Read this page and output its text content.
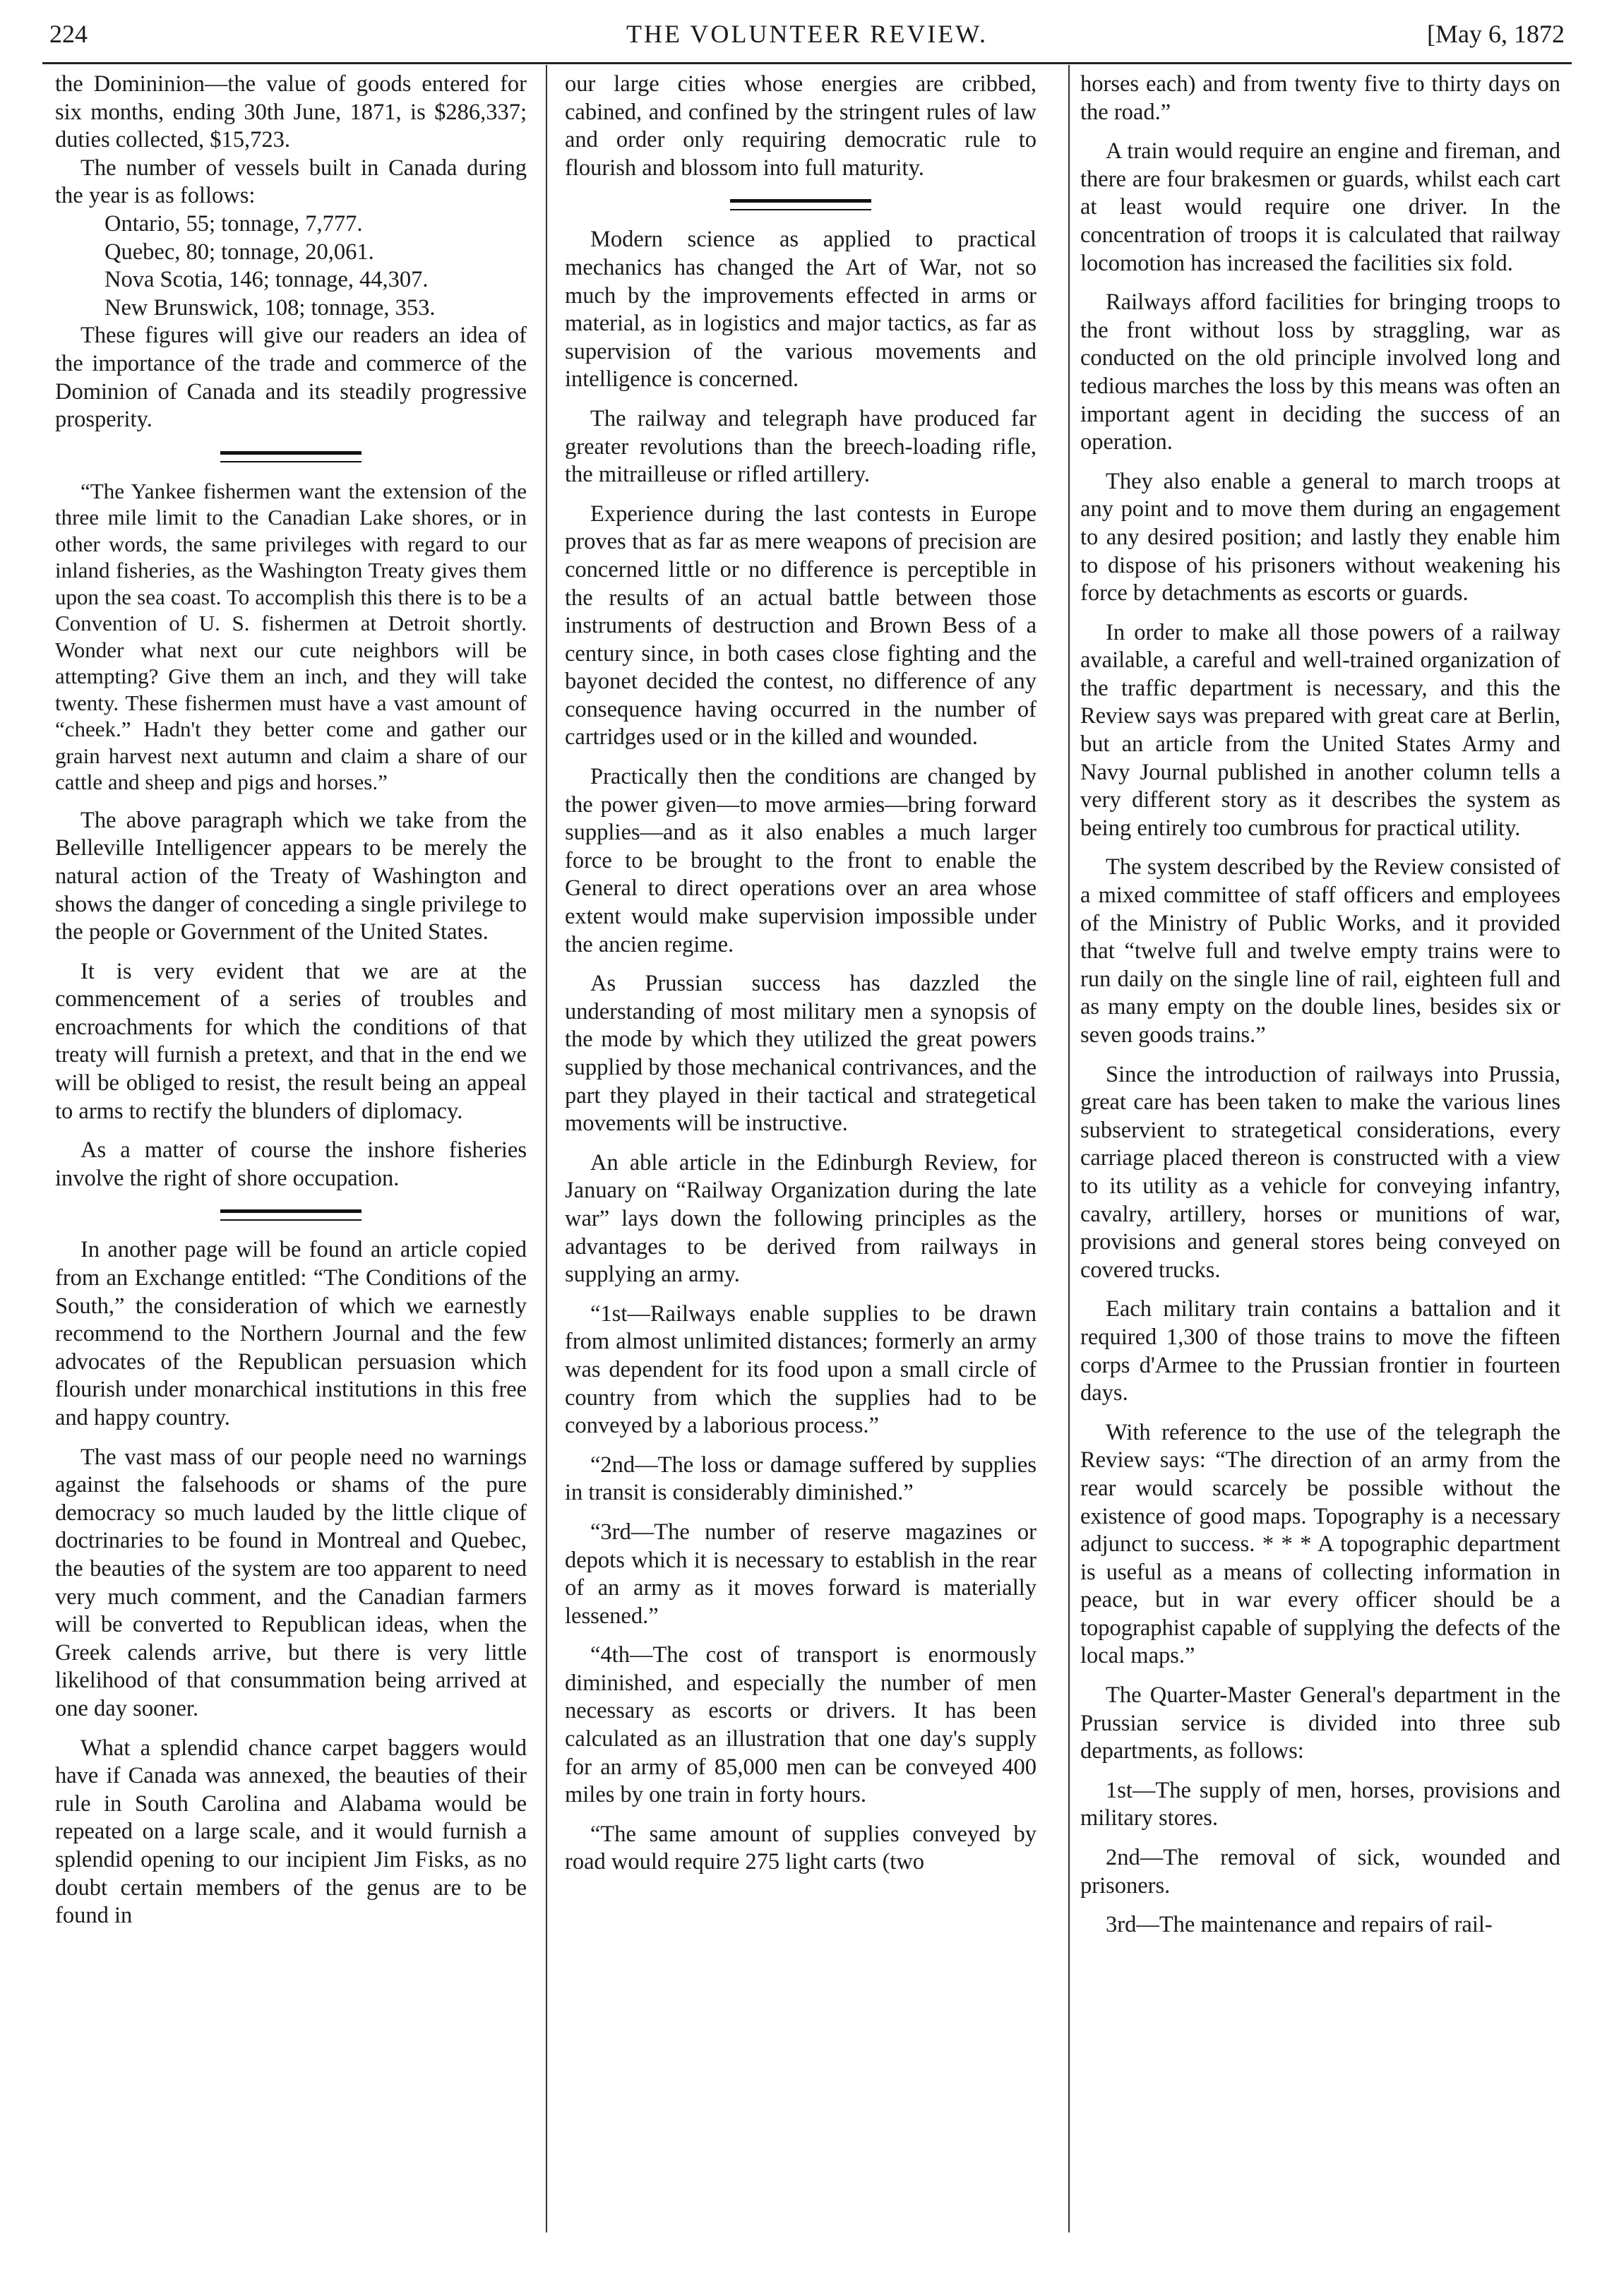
224	THE VOLUNTEER REVIEW.	[May 6, 1872

the Domininion—the value of goods entered for six months, ending 30th June, 1871, is $286,337; duties collected, $15,723.

The number of vessels built in Canada during the year is as follows:

Ontario, 55; tonnage, 7,777.

Quebec, 80; tonnage, 20,061.

Nova Scotia, 146; tonnage, 44,307.

New Brunswick, 108; tonnage, 353.

These figures will give our readers an idea of the importance of the trade and commerce of the Dominion of Canada and its steadily progressive prosperity.

“The Yankee fishermen want the extension of the three mile limit to the Canadian Lake shores, or in other words, the same privileges with regard to our inland fisheries, as the Washington Treaty gives them upon the sea coast. To accomplish this there is to be a Convention of U. S. fishermen at Detroit shortly. Wonder what next our cute neighbors will be attempting? Give them an inch, and they will take twenty. These fishermen must have a vast amount of “cheek.” Hadn't they better come and gather our grain harvest next autumn and claim a share of our cattle and sheep and pigs and horses.”

The above paragraph which we take from the Belleville Intelligencer appears to be merely the natural action of the Treaty of Washington and shows the danger of conceding a single privilege to the people or Government of the United States.

It is very evident that we are at the commencement of a series of troubles and encroachments for which the conditions of that treaty will furnish a pretext, and that in the end we will be obliged to resist, the result being an appeal to arms to rectify the blunders of diplomacy.

As a matter of course the inshore fisheries involve the right of shore occupation.

In another page will be found an article copied from an Exchange entitled: “The Conditions of the South,” the consideration of which we earnestly recommend to the Northern Journal and the few advocates of the Republican persuasion which flourish under monarchical institutions in this free and happy country.

The vast mass of our people need no warnings against the falsehoods or shams of the pure democracy so much lauded by the little clique of doctrinaries to be found in Montreal and Quebec, the beauties of the system are too apparent to need very much comment, and the Canadian farmers will be converted to Republican ideas, when the Greek calends arrive, but there is very little likelihood of that consummation being arrived at one day sooner.

What a splendid chance carpet baggers would have if Canada was annexed, the beauties of their rule in South Carolina and Alabama would be repeated on a large scale, and it would furnish a splendid opening to our incipient Jim Fisks, as no doubt certain members of the genus are to be found in

our large cities whose energies are cribbed, cabined, and confined by the stringent rules of law and order only requiring democratic rule to flourish and blossom into full maturity.

Modern science as applied to practical mechanics has changed the Art of War, not so much by the improvements effected in arms or material, as in logistics and major tactics, as far as supervision of the various movements and intelligence is concerned.

The railway and telegraph have produced far greater revolutions than the breech-loading rifle, the mitrailleuse or rifled artillery.

Experience during the last contests in Europe proves that as far as mere weapons of precision are concerned little or no difference is perceptible in the results of an actual battle between those instruments of destruction and Brown Bess of a century since, in both cases close fighting and the bayonet decided the contest, no difference of any consequence having occurred in the number of cartridges used or in the killed and wounded.

Practically then the conditions are changed by the power given—to move armies—bring forward supplies—and as it also enables a much larger force to be brought to the front to enable the General to direct operations over an area whose extent would make supervision impossible under the ancien regime.

As Prussian success has dazzled the understanding of most military men a synopsis of the mode by which they utilized the great powers supplied by those mechanical contrivances, and the part they played in their tactical and strategetical movements will be instructive.

An able article in the Edinburgh Review, for January on “Railway Organization during the late war” lays down the following principles as the advantages to be derived from railways in supplying an army.

“1st—Railways enable supplies to be drawn from almost unlimited distances; formerly an army was dependent for its food upon a small circle of country from which the supplies had to be conveyed by a laborious process.”

“2nd—The loss or damage suffered by supplies in transit is considerably diminished.”

“3rd—The number of reserve magazines or depots which it is necessary to establish in the rear of an army as it moves forward is materially lessened.”

“4th—The cost of transport is enormously diminished, and especially the number of men necessary as escorts or drivers. It has been calculated as an illustration that one day's supply for an army of 85,000 men can be conveyed 400 miles by one train in forty hours.

“The same amount of supplies conveyed by road would require 275 light carts (two

horses each) and from twenty five to thirty days on the road.”

A train would require an engine and fireman, and there are four brakesmen or guards, whilst each cart at least would require one driver. In the concentration of troops it is calculated that railway locomotion has increased the facilities six fold.

Railways afford facilities for bringing troops to the front without loss by straggling, war as conducted on the old principle involved long and tedious marches the loss by this means was often an important agent in deciding the success of an operation.

They also enable a general to march troops at any point and to move them during an engagement to any desired position; and lastly they enable him to dispose of his prisoners without weakening his force by detachments as escorts or guards.

In order to make all those powers of a railway available, a careful and well-trained organization of the traffic department is necessary, and this the Review says was prepared with great care at Berlin, but an article from the United States Army and Navy Journal published in another column tells a very different story as it describes the system as being entirely too cumbrous for practical utility.

The system described by the Review consisted of a mixed committee of staff officers and employees of the Ministry of Public Works, and it provided that “twelve full and twelve empty trains were to run daily on the single line of rail, eighteen full and as many empty on the double lines, besides six or seven goods trains.”

Since the introduction of railways into Prussia, great care has been taken to make the various lines subservient to strategetical considerations, every carriage placed thereon is constructed with a view to its utility as a vehicle for conveying infantry, cavalry, artillery, horses or munitions of war, provisions and general stores being conveyed on covered trucks.

Each military train contains a battalion and it required 1,300 of those trains to move the fifteen corps d'Armee to the Prussian frontier in fourteen days.

With reference to the use of the telegraph the Review says: “The direction of an army from the rear would scarcely be possible without the existence of good maps. Topography is a necessary adjunct to success. * * * A topographic department is useful as a means of collecting information in peace, but in war every officer should be a topographist capable of supplying the defects of the local maps.”

The Quarter-Master General's department in the Prussian service is divided into three sub departments, as follows:

1st—The supply of men, horses, provisions and military stores.

2nd—The removal of sick, wounded and prisoners.

3rd—The maintenance and repairs of rail-
